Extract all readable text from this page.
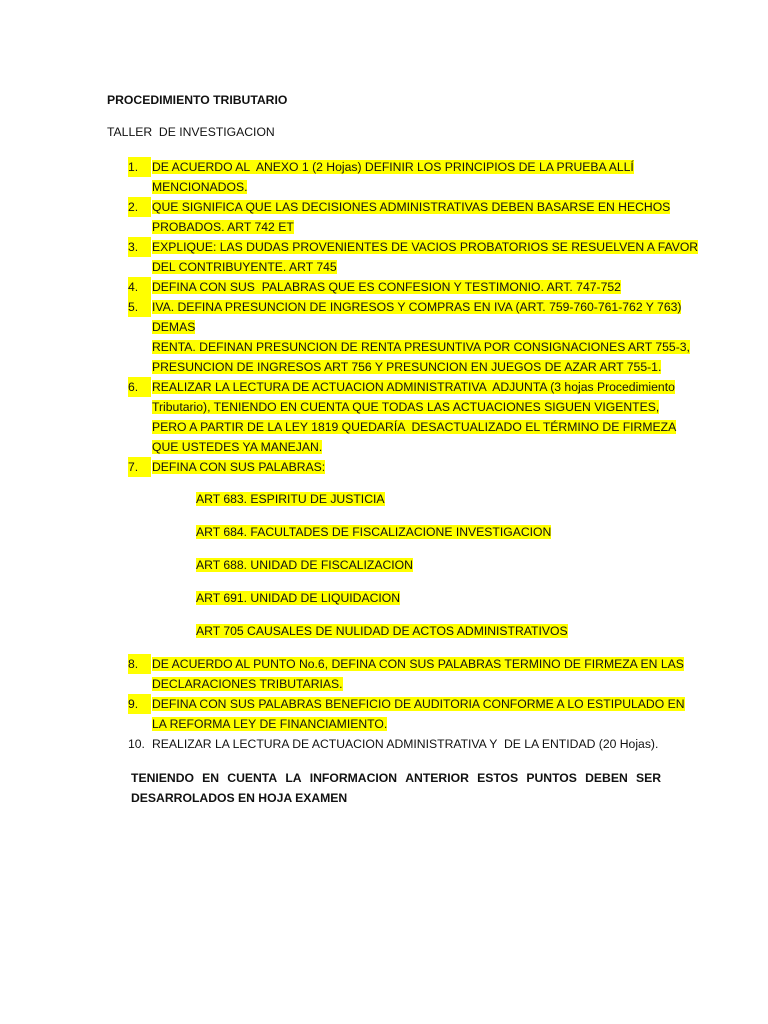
PROCEDIMIENTO TRIBUTARIO
TALLER  DE INVESTIGACION
1.	DE ACUERDO AL  ANEXO 1 (2 Hojas) DEFINIR LOS PRINCIPIOS DE LA PRUEBA ALLÍ
MENCIONADOS.
2.	QUE SIGNIFICA QUE LAS DECISIONES ADMINISTRATIVAS DEBEN BASARSE EN HECHOS
PROBADOS. ART 742 ET
3.	EXPLIQUE: LAS DUDAS PROVENIENTES DE VACIOS PROBATORIOS SE RESUELVEN A FAVOR
DEL CONTRIBUYENTE. ART 745
4.	DEFINA CON SUS  PALABRAS QUE ES CONFESION Y TESTIMONIO. ART. 747-752
5.	IVA. DEFINA PRESUNCION DE INGRESOS Y COMPRAS EN IVA (ART. 759-760-761-762 Y 763)
DEMAS
RENTA. DEFINAN PRESUNCION DE RENTA PRESUNTIVA POR CONSIGNACIONES ART 755-3,
PRESUNCION DE INGRESOS ART 756 Y PRESUNCION EN JUEGOS DE AZAR ART 755-1.
6.	REALIZAR LA LECTURA DE ACTUACION ADMINISTRATIVA  ADJUNTA (3 hojas Procedimiento
Tributario), TENIENDO EN CUENTA QUE TODAS LAS ACTUACIONES SIGUEN VIGENTES,
PERO A PARTIR DE LA LEY 1819 QUEDARÍA  DESACTUALIZADO EL TÉRMINO DE FIRMEZA
QUE USTEDES YA MANEJAN.
7.	DEFINA CON SUS PALABRAS:
ART 683. ESPIRITU DE JUSTICIA
ART 684. FACULTADES DE FISCALIZACIONE INVESTIGACION
ART 688. UNIDAD DE FISCALIZACION
ART 691. UNIDAD DE LIQUIDACION
ART 705 CAUSALES DE NULIDAD DE ACTOS ADMINISTRATIVOS
8.	DE ACUERDO AL PUNTO No.6, DEFINA CON SUS PALABRAS TERMINO DE FIRMEZA EN LAS
DECLARACIONES TRIBUTARIAS.
9.	DEFINA CON SUS PALABRAS BENEFICIO DE AUDITORIA CONFORME A LO ESTIPULADO EN
LA REFORMA LEY DE FINANCIAMIENTO.
10. REALIZAR LA LECTURA DE ACTUACION ADMINISTRATIVA Y  DE LA ENTIDAD (20 Hojas).
TENIENDO EN CUENTA LA INFORMACION ANTERIOR ESTOS PUNTOS DEBEN SER
DESARROLADOS EN HOJA EXAMEN
